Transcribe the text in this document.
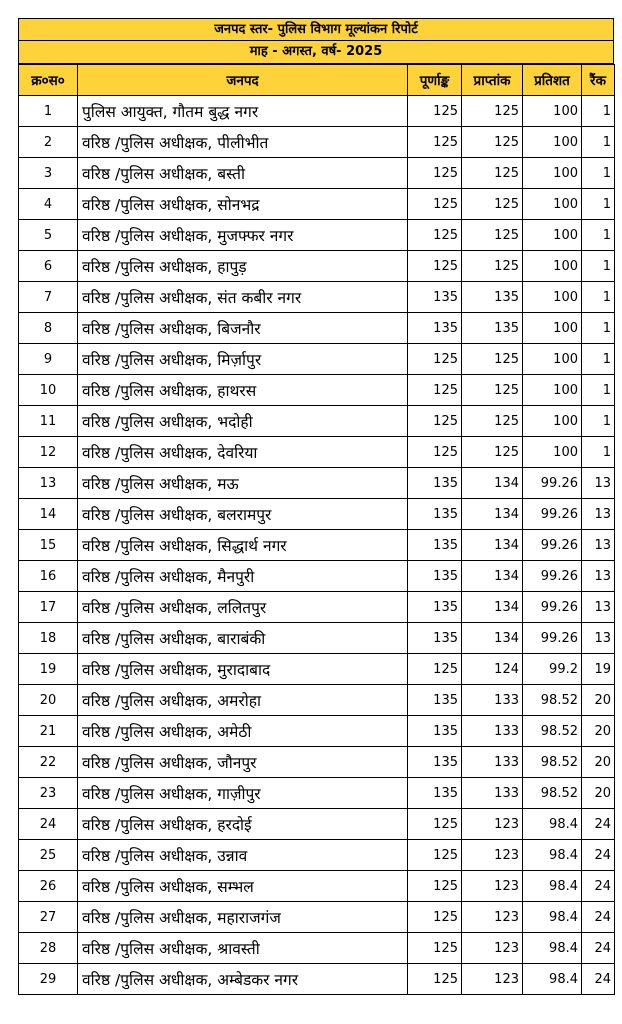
जनपद स्तर- पुलिस विभाग मूल्यांकन रिपोर्ट
माह - अगस्त, वर्ष- 2025
क्र०स०	जनपद	पूर्णाङ्क	प्राप्तांक	प्रतिशत	रैंक
1	पुलिस आयुक्त, गौतम बुद्ध नगर	125	125	100	1
2	वरिष्ठ /पुलिस अधीक्षक, पीलीभीत	125	125	100	1
3	वरिष्ठ /पुलिस अधीक्षक, बस्ती	125	125	100	1
4	वरिष्ठ /पुलिस अधीक्षक, सोनभद्र	125	125	100	1
5	वरिष्ठ /पुलिस अधीक्षक, मुजफ्फर नगर	125	125	100	1
6	वरिष्ठ /पुलिस अधीक्षक, हापुड़	125	125	100	1
7	वरिष्ठ /पुलिस अधीक्षक, संत कबीर नगर	135	135	100	1
8	वरिष्ठ /पुलिस अधीक्षक, बिजनौर	135	135	100	1
9	वरिष्ठ /पुलिस अधीक्षक, मिर्ज़ापुर	125	125	100	1
10	वरिष्ठ /पुलिस अधीक्षक, हाथरस	125	125	100	1
11	वरिष्ठ /पुलिस अधीक्षक, भदोही	125	125	100	1
12	वरिष्ठ /पुलिस अधीक्षक, देवरिया	125	125	100	1
13	वरिष्ठ /पुलिस अधीक्षक, मऊ	135	134	99.26	13
14	वरिष्ठ /पुलिस अधीक्षक, बलरामपुर	135	134	99.26	13
15	वरिष्ठ /पुलिस अधीक्षक, सिद्धार्थ नगर	135	134	99.26	13
16	वरिष्ठ /पुलिस अधीक्षक, मैनपुरी	135	134	99.26	13
17	वरिष्ठ /पुलिस अधीक्षक, ललितपुर	135	134	99.26	13
18	वरिष्ठ /पुलिस अधीक्षक, बाराबंकी	135	134	99.26	13
19	वरिष्ठ /पुलिस अधीक्षक, मुरादाबाद	125	124	99.2	19
20	वरिष्ठ /पुलिस अधीक्षक, अमरोहा	135	133	98.52	20
21	वरिष्ठ /पुलिस अधीक्षक, अमेठी	135	133	98.52	20
22	वरिष्ठ /पुलिस अधीक्षक, जौनपुर	135	133	98.52	20
23	वरिष्ठ /पुलिस अधीक्षक, गाज़ीपुर	135	133	98.52	20
24	वरिष्ठ /पुलिस अधीक्षक, हरदोई	125	123	98.4	24
25	वरिष्ठ /पुलिस अधीक्षक, उन्नाव	125	123	98.4	24
26	वरिष्ठ /पुलिस अधीक्षक, सम्भल	125	123	98.4	24
27	वरिष्ठ /पुलिस अधीक्षक, महाराजगंज	125	123	98.4	24
28	वरिष्ठ /पुलिस अधीक्षक, श्रावस्ती	125	123	98.4	24
29	वरिष्ठ /पुलिस अधीक्षक, अम्बेडकर नगर	125	123	98.4	24
